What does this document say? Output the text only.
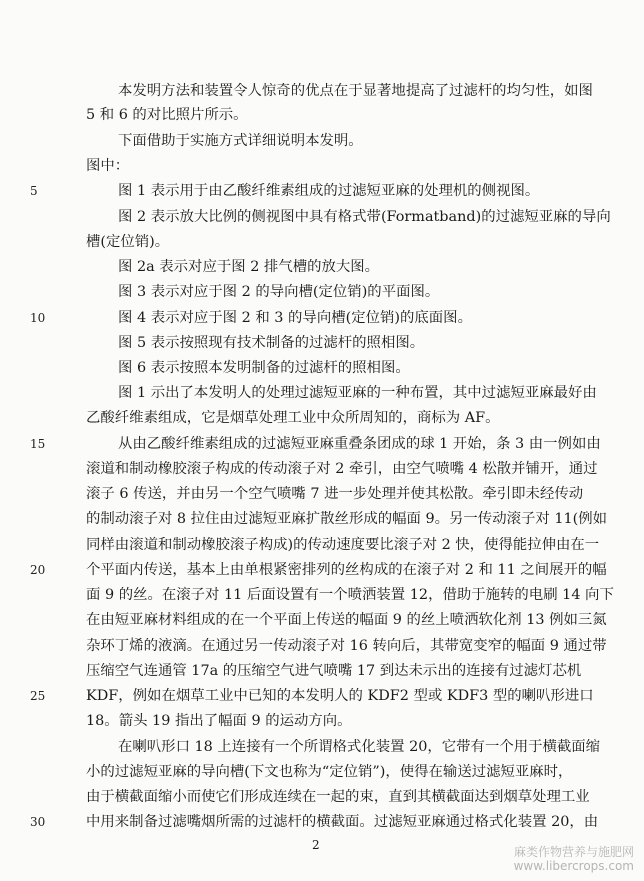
本发明方法和装置令人惊奇的优点在于显著地提高了过滤杆的均匀性，如图
5 和 6 的对比照片所示。
下面借助于实施方式详细说明本发明。
图中：
图 1 表示用于由乙酸纤维素组成的过滤短亚麻的处理机的侧视图。
图 2 表示放大比例的侧视图中具有格式带(Formatband)的过滤短亚麻的导向
槽(定位销)。
图 2a 表示对应于图 2 排气槽的放大图。
图 3 表示对应于图 2 的导向槽(定位销)的平面图。
图 4 表示对应于图 2 和 3 的导向槽(定位销)的底面图。
图 5 表示按照现有技术制备的过滤杆的照相图。
图 6 表示按照本发明制备的过滤杆的照相图。
图 1 示出了本发明人的处理过滤短亚麻的一种布置，其中过滤短亚麻最好由
乙酸纤维素组成，它是烟草处理工业中众所周知的，商标为 AF。
从由乙酸纤维素组成的过滤短亚麻重叠条团成的球 1 开始，条 3 由一例如由
滚道和制动橡胶滚子构成的传动滚子对 2 牵引，由空气喷嘴 4 松散并铺开，通过
滚子 6 传送，并由另一个空气喷嘴 7 进一步处理并使其松散。牵引即未经传动
的制动滚子对 8 拉住由过滤短亚麻扩散丝形成的幅面 9。另一传动滚子对 11(例如
同样由滚道和制动橡胶滚子构成)的传动速度要比滚子对 2 快，使得能拉伸由在一
个平面内传送，基本上由单根紧密排列的丝构成的在滚子对 2 和 11 之间展开的幅
面 9 的丝。在滚子对 11 后面设置有一个喷洒装置 12，借助于施转的电刷 14 向下
在由短亚麻材料组成的在一个平面上传送的幅面 9 的丝上喷洒软化剂 13 例如三氮
杂环丁烯的液滴。在通过另一传动滚子对 16 转向后，其带宽变窄的幅面 9 通过带
压缩空气连通管 17a 的压缩空气进气喷嘴 17 到达未示出的连接有过滤灯芯机
KDF，例如在烟草工业中已知的本发明人的 KDF2 型或 KDF3 型的喇叭形进口
18。箭头 19 指出了幅面 9 的运动方向。
在喇叭形口 18 上连接有一个所谓格式化装置 20，它带有一个用于横截面缩
小的过滤短亚麻的导向槽(下文也称为“定位销”)，使得在输送过滤短亚麻时，
由于横截面缩小而使它们形成连续在一起的束，直到其横截面达到烟草处理工业
中用来制备过滤嘴烟所需的过滤杆的横截面。过滤短亚麻通过格式化装置 20，由
5
10
15
20
25
30
2	麻类作物营养与施肥网
www.libercrops.com
